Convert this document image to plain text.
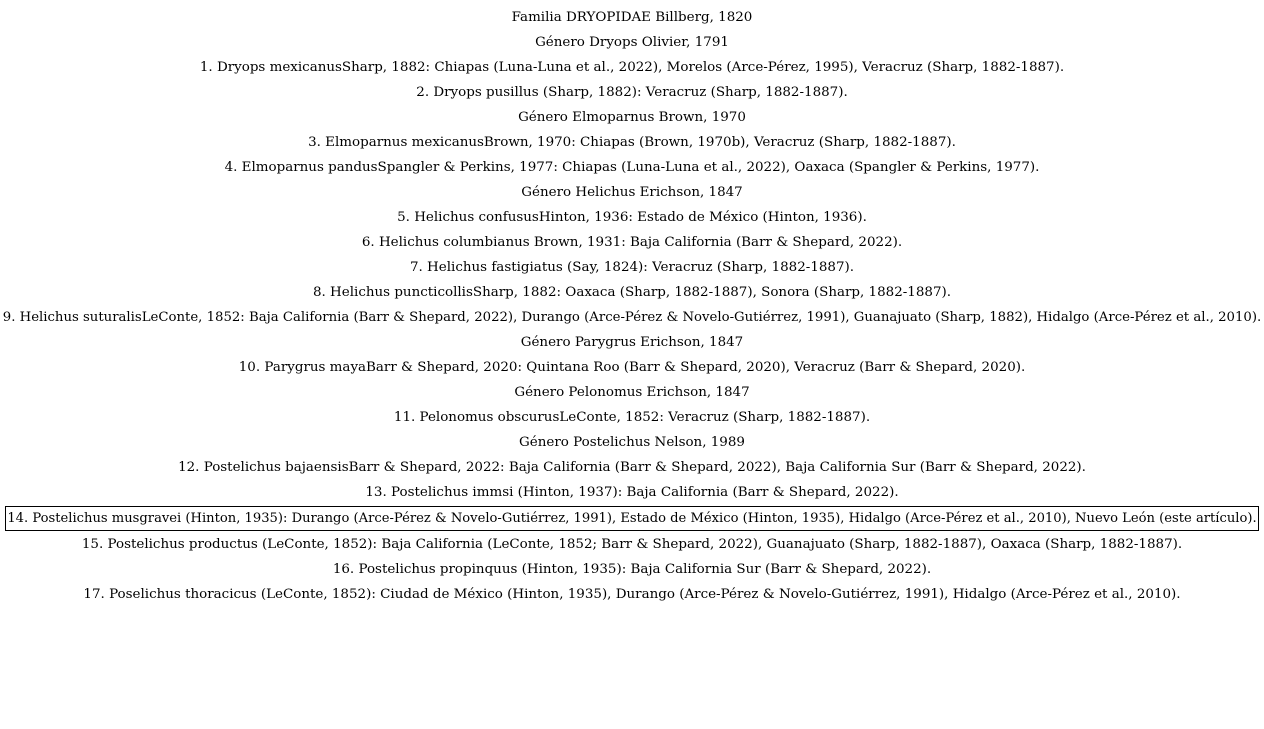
Familia DRYOPIDAE Billberg, 1820
Género Dryops Olivier, 1791
1. Dryops mexicanusSharp, 1882: Chiapas (Luna-Luna et al., 2022), Morelos (Arce-Pérez, 1995), Veracruz (Sharp, 1882-1887).
2. Dryops pusillus (Sharp, 1882): Veracruz (Sharp, 1882-1887).
Género Elmoparnus Brown, 1970
3. Elmoparnus mexicanusBrown, 1970: Chiapas (Brown, 1970b), Veracruz (Sharp, 1882-1887).
4. Elmoparnus pandusSpangler & Perkins, 1977: Chiapas (Luna-Luna et al., 2022), Oaxaca (Spangler & Perkins, 1977).
Género Helichus Erichson, 1847
5. Helichus confususHinton, 1936: Estado de México (Hinton, 1936).
6. Helichus columbianus Brown, 1931: Baja California (Barr & Shepard, 2022).
7. Helichus fastigiatus (Say, 1824): Veracruz (Sharp, 1882-1887).
8. Helichus puncticollisSharp, 1882: Oaxaca (Sharp, 1882-1887), Sonora (Sharp, 1882-1887).
9. Helichus suturalisLeConte, 1852: Baja California (Barr & Shepard, 2022), Durango (Arce-Pérez & Novelo-Gutiérrez, 1991), Guanajuato (Sharp, 1882), Hidalgo (Arce-Pérez et al., 2010).
Género Parygrus Erichson, 1847
10. Parygrus mayaBarr & Shepard, 2020: Quintana Roo (Barr & Shepard, 2020), Veracruz (Barr & Shepard, 2020).
Género Pelonomus Erichson, 1847
11. Pelonomus obscurusLeConte, 1852: Veracruz (Sharp, 1882-1887).
Género Postelichus Nelson, 1989
12. Postelichus bajaensisBarr & Shepard, 2022: Baja California (Barr & Shepard, 2022), Baja California Sur (Barr & Shepard, 2022).
13. Postelichus immsi (Hinton, 1937): Baja California (Barr & Shepard, 2022).
14. Postelichus musgravei (Hinton, 1935): Durango (Arce-Pérez & Novelo-Gutiérrez, 1991), Estado de México (Hinton, 1935), Hidalgo (Arce-Pérez et al., 2010), Nuevo León (este artículo).
15. Postelichus productus (LeConte, 1852): Baja California (LeConte, 1852; Barr & Shepard, 2022), Guanajuato (Sharp, 1882-1887), Oaxaca (Sharp, 1882-1887).
16. Postelichus propinquus (Hinton, 1935): Baja California Sur (Barr & Shepard, 2022).
17. Poselichus thoracicus (LeConte, 1852): Ciudad de México (Hinton, 1935), Durango (Arce-Pérez & Novelo-Gutiérrez, 1991), Hidalgo (Arce-Pérez et al., 2010).
